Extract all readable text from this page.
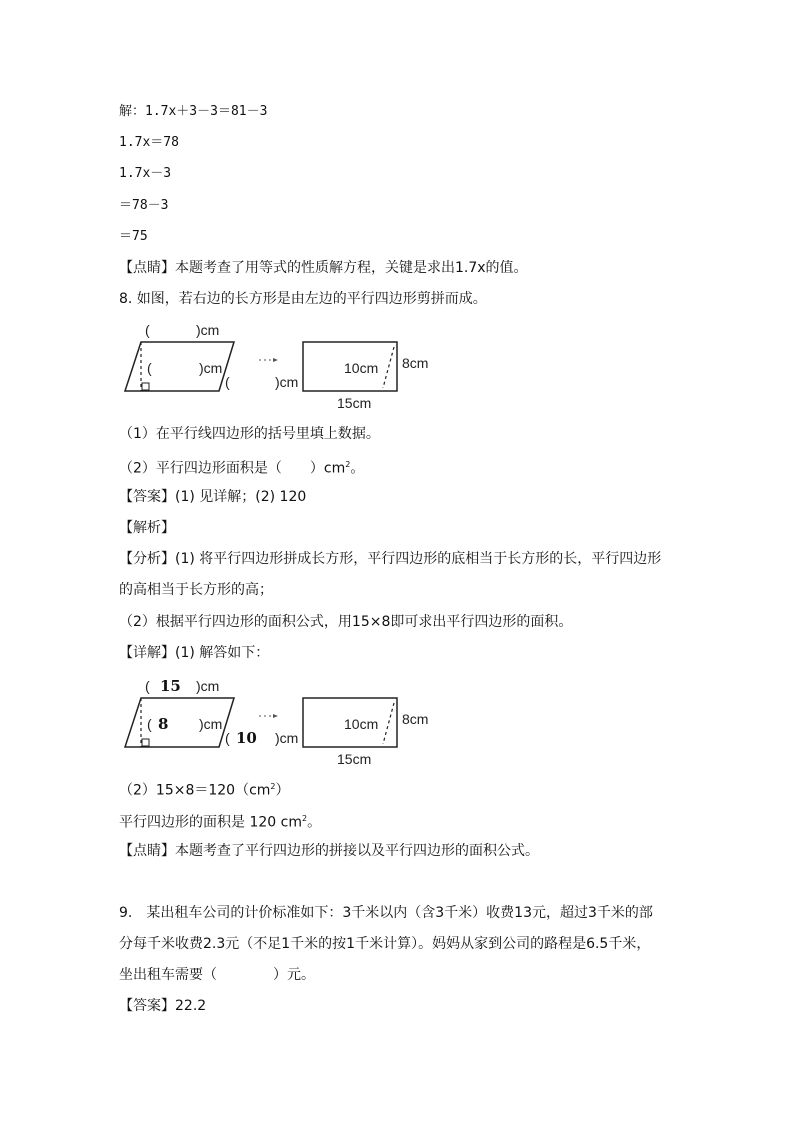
解：1.7x＋3－3＝81－3
1.7x＝78
1.7x－3
＝78－3
＝75
【点睛】本题考查了用等式的性质解方程，关键是求出1.7x的值。
8. 如图，若右边的长方形是由左边的平行四边形剪拼而成。
(	)cm
(	)cm
(	)cm
10cm 8cm
15cm
（1）在平行线四边形的括号里填上数据。
（2）平行四边形面积是（　　）$cm^2$。
【答案】(1) 见详解；(2) 120
【解析】
【分析】(1) 将平行四边形拼成长方形，平行四边形的底相当于长方形的长，平行四边形
的高相当于长方形的高；
（2）根据平行四边形的面积公式，用15×8即可求出平行四边形的面积。
【详解】(1) 解答如下：
( 15 )cm
( 8 )cm
( 10 )cm
10cm 8cm
15cm
$(2)15\times 8=120(cm^2)$
平行四边形的面积是 120 $cm^2$。
【点睛】本题考查了平行四边形的拼接以及平行四边形的面积公式。
9.　某出租车公司的计价标准如下：3千米以内（含3千米）收费13元，超过3千米的部
分每千米收费2.3元（不足1千米的按1千米计算）。妈妈从家到公司的路程是6.5千米，
坐出租车需要（　　　　）元。
【答案】22.2
